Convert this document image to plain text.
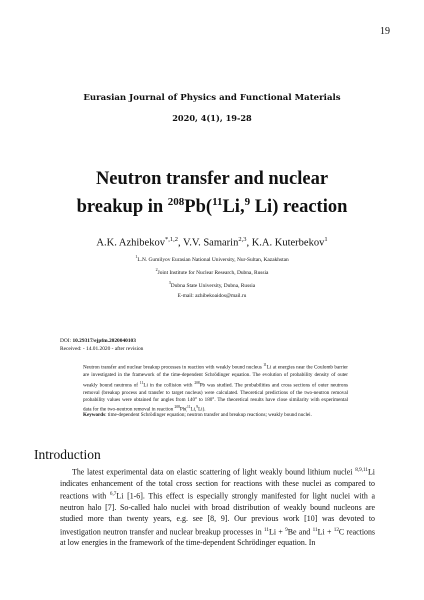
19
Eurasian Journal of Physics and Functional Materials
2020, 4(1), 19-28
Neutron transfer and nuclear
breakup in $^{208}$Pb($^{11}$Li,$^9$ Li) reaction
A.K. Azhibekov$^{*,1,2}$, V.V. Samarin$^{2,3}$, K.A. Kuterbekov$^1$
$^1$L.N. Gumilyov Eurasian National University, Nur-Sultan, Kazakhstan
$^2$Joint Institute for Nuclear Research, Dubna, Russia
$^3$Dubna State University, Dubna, Russia
E-mail: azhibekoaidos@mail.ru
DOI: 10.29317/ejpfm.2020040103
Received: - 14.01.2020 - after revision
Neutron transfer and nuclear breakup processes in reaction with weakly bound nucleus $^{11}$Li at energies near the Coulomb barrier are investigated in the framework of the time-dependent Schrödinger equation. The evolution of probability density of outer weakly bound neutrons of $^{11}$Li in the collision with $^{208}$Pb was studied. The probabilities and cross sections of outer neutrons removal (breakup process and transfer to target nucleus) were calculated. Theoretical predictions of the two-neutron removal probability values were obtained for angles from 140° to 180°. The theoretical results have close similarity with experimental data for the two-neutron removal in reaction $^{208}$Pb($^{11}$Li,$^9$Li).
Keywords: time-dependent Schrödinger equation; neutron transfer and breakup reactions; weakly bound nuclei.
Introduction

The latest experimental data on elastic scattering of light weakly bound lithium nuclei $^{8,9,11}$Li indicates enhancement of the total cross section for reactions with these nuclei as compared to reactions with $^{6,7}$Li [1-6]. This effect is especially strongly manifested for light nuclei with a neutron halo [7]. So-called halo nuclei with broad distribution of weakly bound nucleons are studied more than twenty years, e.g. see [8, 9]. Our previous work [10] was devoted to investigation neutron transfer and nuclear breakup processes in $^{11}$Li + $^9$Be and $^{11}$Li + $^{12}$C reactions at low energies in the framework of the time-dependent Schrödinger equation. In
